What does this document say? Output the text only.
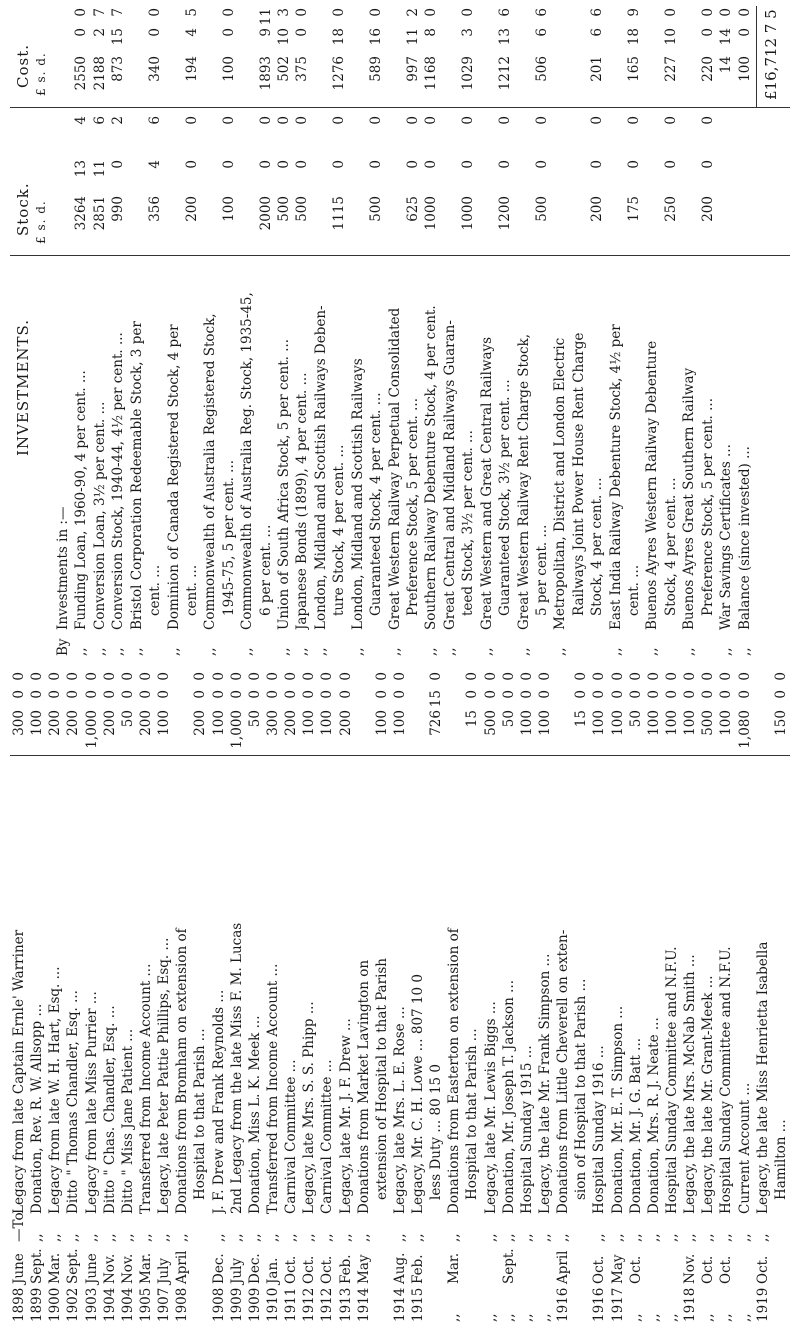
1898
June
—To
Legacy from late Captain Ernle' Warriner
300
0
0
1899
Sept.
,,
Donation, Rev. R. W. Allsopp ...
100
0
0
1900
Mar.
,,
Legacy from late W. H. Hart, Esq. ...
200
0
0
1902
Sept.
,,
Ditto " Thomas Chandler, Esq. ...
200
0
0
1903
June
,,
Legacy from late Miss Purrier ...
1,000
0
0
1904
Nov.
,,
Ditto " Chas. Chandler, Esq. ...
200
0
0
1904
Nov.
,,
Ditto " Miss Jane Patient ...
50
0
0
1905
Mar.
,,
Transferred from Income Account ...
200
0
0
1907
July
,,
Legacy, late Peter Pattie Phillips, Esq. ...
100
0
0
1908
April
,,
Donations from Bromham on extension of Hospital to that Parish ...
200
0
0
1908
Dec.
,,
J. F. Drew and Frank Reynolds ...
100
0
0
1909
July
,,
2nd Legacy from the late Miss F. M. Lucas
1,000
0
0
1909
Dec.
,,
Donation, Miss L. K. Meek ...
50
0
0
1910
Jan.
,,
Transferred from Income Account ...
300
0
0
1911
Oct.
,,
Carnival Committee ...
200
0
0
1912
Oct.
,,
Legacy, late Mrs. S. S. Phipp ...
100
0
0
1912
Oct.
,,
Carnival Committee ...
100
0
0
1913
Feb.
,,
Legacy, late Mr. J. F. Drew ...
200
0
0
1914
May
,,
Donations from Market Lavington on extension of Hospital to that Parish
100
0
0
1914
Aug.
,,
Legacy, late Mrs. L. E. Rose ...
100
0
0
1915
Feb.
,,
Legacy, Mr. C. H. Lowe ... 807 10 0 less Duty ... 80 15 0
726
15
0
,,
Mar.
,,
Donations from Easterton on extension of Hospital to that Parish ...
15
0
0
,,
,,
Legacy, late Mr. Lewis Biggs ...
500
0
0
,,
Sept.
,,
Donation, Mr. Joseph T. Jackson ...
50
0
0
,,
,,
Hospital Sunday 1915 ...
100
0
0
,,
,,
Legacy, the late Mr. Frank Simpson ...
100
0
0
1916
April
,,
Donations from Little Cheverell on exten- sion of Hospital to that Parish ...
15
0
0
1916
Oct.
,,
Hospital Sunday 1916 ...
100
0
0
1917
May
,,
Donation, Mr. E. T. Simpson ...
100
0
0
,,
Oct.
,,
Donation, Mr. J. G. Batt ...
50
0
0
,,
,,
Donation, Mrs. R. J. Neate ...
100
0
0
,,
,,
Hospital Sunday Committee and N.F.U.
100
0
0
1918
Nov.
,,
Legacy, the late Mrs. McNab Smith ...
100
0
0
,,
Oct.
,,
Legacy, the late Mr. Grant-Meek ...
500
0
0
,,
Oct.
,,
Hospital Sunday Committee and N.F.U.
100
0
0
,,
,,
Current Account ...
1,080
0
0
1919
Oct.
,,
Legacy, the late Miss Henrietta Isabella Hamilton ...
150
0
0
INVESTMENTS.
Stock. £ s. d.
Cost. £ s. d.
By
Investments in :—
,,
Funding Loan, 1960-90, 4 per cent. ...
3264
13
4
2550
0
0
,,
Conversion Loan, 3½ per cent. ...
2851
11
6
2188
2
7
,,
Conversion Stock, 1940-44, 4½ per cent. ...
990
0
2
873
15
7
,,
Bristol Corporation Redeemable Stock, 3 per cent. ...
356
4
6
340
0
0
,,
Dominion of Canada Registered Stock, 4 per cent. ...
200
0
0
194
4
5
,,
Commonwealth of Australia Registered Stock, 1945-75, 5 per cent. ...
100
0
0
100
0
0
,,
Commonwealth of Australia Reg. Stock, 1935-45, 6 per cent. ...
2000
0
0
1893
9
11
,,
Union of South Africa Stock, 5 per cent. ...
500
0
0
502
10
3
,,
Japanese Bonds (1899), 4 per cent. ...
500
0
0
375
0
0
,,
London, Midland and Scottish Railways Deben- ture Stock, 4 per cent. ...
1115
0
0
1276
18
0
,,
London, Midland and Scottish Railways Guaranteed Stock, 4 per cent. ...
500
0
0
589
16
0
,,
Great Western Railway Perpetual Consolidated Preference Stock, 5 per cent. ...
625
0
0
997
11
2
,,
Southern Railway Debenture Stock, 4 per cent.
1000
0
0
1168
8
0
,,
Great Central and Midland Railways Guaran- teed Stock, 3½ per cent. ...
1000
0
0
1029
3
0
,,
Great Western and Great Central Railways Guaranteed Stock, 3½ per cent. ...
1200
0
0
1212
13
6
,,
Great Western Railway Rent Charge Stock, 5 per cent. ...
500
0
0
506
6
6
,,
Metropolitan, District and London Electric Railways Joint Power House Rent Charge Stock, 4 per cent. ...
200
0
0
201
6
6
,,
East India Railway Debenture Stock, 4½ per cent. ...
175
0
0
165
18
9
,,
Buenos Ayres Western Railway Debenture Stock, 4 per cent. ...
250
0
0
227
10
0
,,
Buenos Ayres Great Southern Railway Preference Stock, 5 per cent. ...
200
0
0
220
0
0
,,
War Savings Certificates ...
14
14
0
,,
Balance (since invested) ...
100
0
0
£16,712 7 5
